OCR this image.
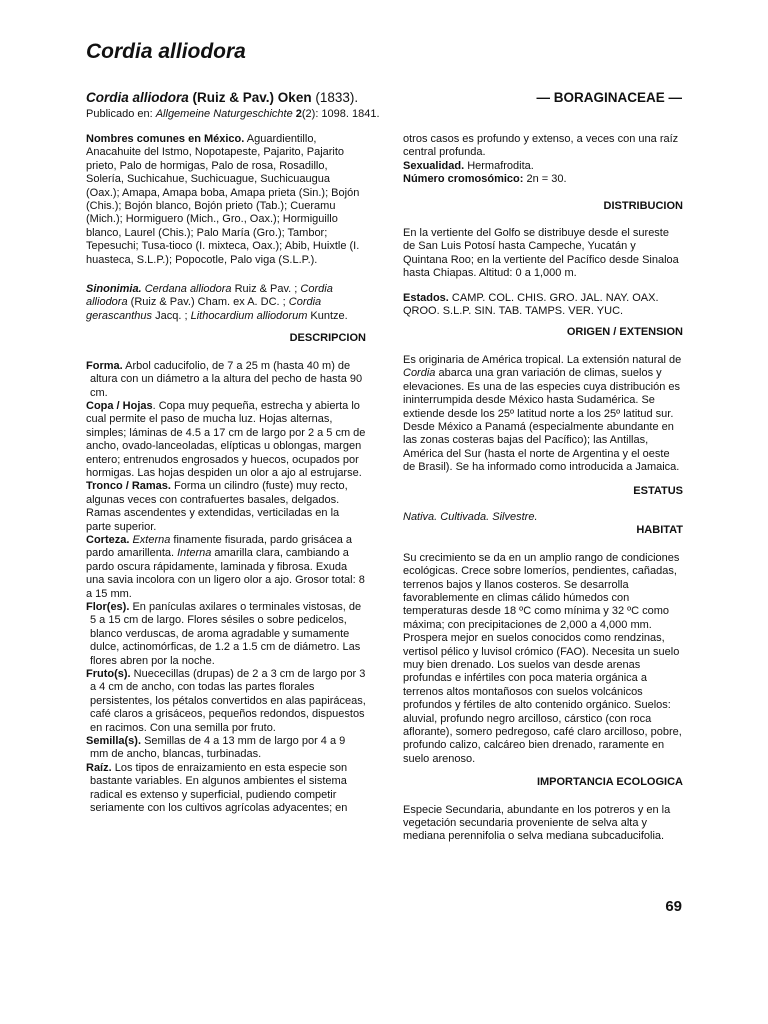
Cordia alliodora
Cordia alliodora (Ruiz & Pav.) Oken (1833).	— BORAGINACEAE —
Publicado en: Allgemeine Naturgeschichte 2(2): 1098. 1841.

Nombres comunes en México. Aguardientillo, Anacahuite del Istmo, Nopotapeste, Pajarito, Pajarito prieto, Palo de hormigas, Palo de rosa, Rosadillo, Solería, Suchicahue, Suchicuague, Suchicuaugua (Oax.); Amapa, Amapa boba, Amapa prieta (Sin.); Bojón (Chis.); Bojón blanco, Bojón prieto (Tab.); Cueramu (Mich.); Hormiguero (Mich., Gro., Oax.); Hormiguillo blanco, Laurel (Chis.); Palo María (Gro.); Tambor; Tepesuchi; Tusa-tioco (I. mixteca, Oax.); Abib, Huixtle (I. huasteca, S.L.P.); Popocotle, Palo viga (S.L.P.).

Sinonimia. Cerdana alliodora Ruiz & Pav. ; Cordia alliodora (Ruiz & Pav.) Cham. ex A. DC. ; Cordia gerascanthus Jacq. ; Lithocardium alliodorum Kuntze.

DESCRIPCION

Forma. Arbol caducifolio, de 7 a 25 m (hasta 40 m) de altura con un diámetro a la altura del pecho de hasta 90 cm.

Copa / Hojas. Copa muy pequeña, estrecha y abierta lo cual permite el paso de mucha luz. Hojas alternas, simples; láminas de 4.5 a 17 cm de largo por 2 a 5 cm de ancho, ovado-lanceoladas, elípticas u oblongas, margen entero; entrenudos engrosados y huecos, ocupados por hormigas. Las hojas despiden un olor a ajo al estrujarse.

Tronco / Ramas. Forma un cilindro (fuste) muy recto, algunas veces con contrafuertes basales, delgados. Ramas ascendentes y extendidas, verticiladas en la parte superior.

Corteza. Externa finamente fisurada, pardo grisácea a pardo amarillenta. Interna amarilla clara, cambiando a pardo oscura rápidamente, laminada y fibrosa. Exuda una savia incolora con un ligero olor a ajo. Grosor total: 8 a 15 mm.

Flor(es). En panículas axilares o terminales vistosas, de 5 a 15 cm de largo. Flores sésiles o sobre pedicelos, blanco verduscas, de aroma agradable y sumamente dulce, actinomórficas, de 1.2 a 1.5 cm de diámetro. Las flores abren por la noche.

Fruto(s). Nuececillas (drupas) de 2 a 3 cm de largo por 3 a 4 cm de ancho, con todas las partes florales persistentes, los pétalos convertidos en alas papiráceas, café claros a grisáceos, pequeños redondos, dispuestos en racimos. Con una semilla por fruto.

Semilla(s). Semillas de 4 a 13 mm de largo por 4 a 9 mm de ancho, blancas, turbinadas.

Raíz. Los tipos de enraizamiento en esta especie son bastante variables. En algunos ambientes el sistema radical es extenso y superficial, pudiendo competir seriamente con los cultivos agrícolas adyacentes; en

otros casos es profundo y extenso, a veces con una raíz central profunda.

Sexualidad. Hermafrodita.

Número cromosómico: 2n = 30.

DISTRIBUCION

En la vertiente del Golfo se distribuye desde el sureste de San Luis Potosí hasta Campeche, Yucatán y Quintana Roo; en la vertiente del Pacífico desde Sinaloa hasta Chiapas. Altitud: 0 a 1,000 m.

Estados. CAMP. COL. CHIS. GRO. JAL. NAY. OAX. QROO. S.L.P. SIN. TAB. TAMPS. VER. YUC.

ORIGEN / EXTENSION

Es originaria de América tropical. La extensión natural de Cordia abarca una gran variación de climas, suelos y elevaciones. Es una de las especies cuya distribución es ininterrumpida desde México hasta Sudamérica. Se extiende desde los 25º latitud norte a los 25º latitud sur. Desde México a Panamá (especialmente abundante en las zonas costeras bajas del Pacífico); las Antillas, América del Sur (hasta el norte de Argentina y el oeste de Brasil). Se ha informado como introducida a Jamaica.

ESTATUS

Nativa. Cultivada. Silvestre.

HABITAT

Su crecimiento se da en un amplio rango de condiciones ecológicas. Crece sobre lomeríos, pendientes, cañadas, terrenos bajos y llanos costeros. Se desarrolla favorablemente en climas cálido húmedos con temperaturas desde 18 ºC como mínima y 32 ºC como máxima; con precipitaciones de 2,000 a 4,000 mm. Prospera mejor en suelos conocidos como rendzinas, vertisol pélico y luvisol crómico (FAO). Necesita un suelo muy bien drenado. Los suelos van desde arenas profundas e infértiles con poca materia orgánica a terrenos altos montañosos con suelos volcánicos profundos y fértiles de alto contenido orgánico. Suelos: aluvial, profundo negro arcilloso, cárstico (con roca aflorante), somero pedregoso, café claro arcilloso, pobre, profundo calizo, calcáreo bien drenado, raramente en suelo arenoso.

IMPORTANCIA ECOLOGICA

Especie Secundaria, abundante en los potreros y en la vegetación secundaria proveniente de selva alta y mediana perennifolia o selva mediana subcaducifolia.

69
